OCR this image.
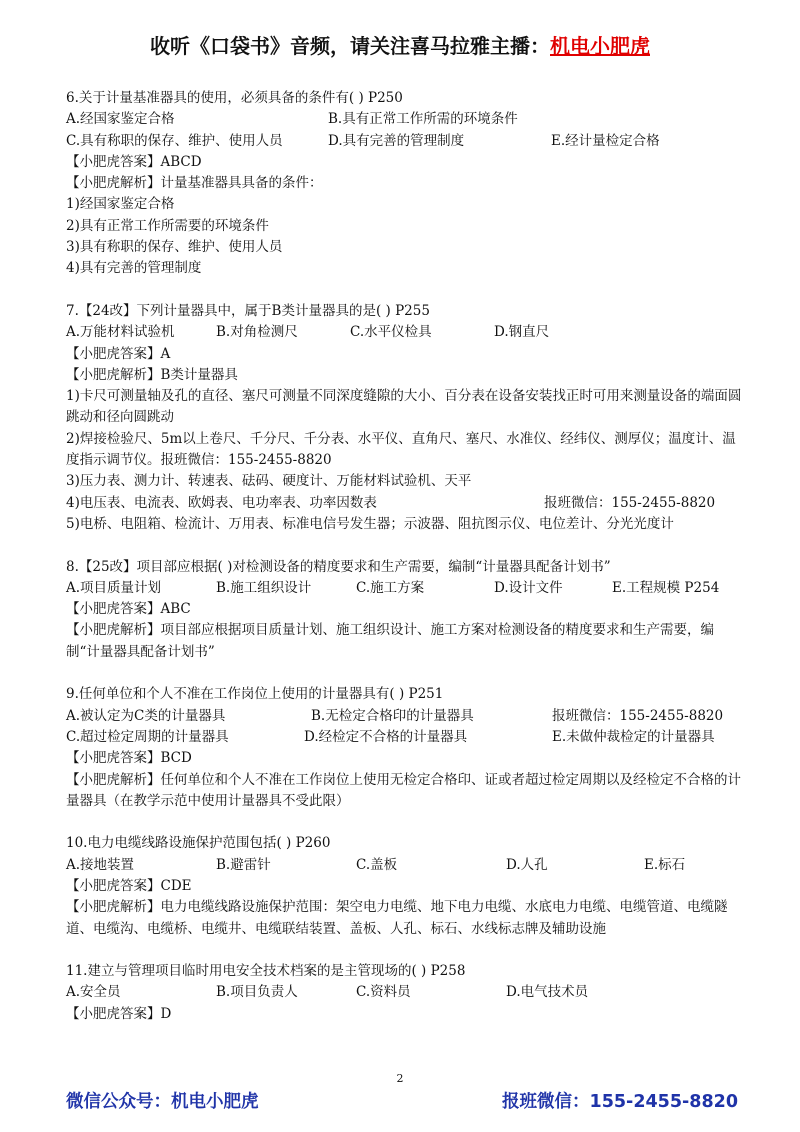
收听《口袋书》音频，请关注喜马拉雅主播：机电小肥虎
6.关于计量基准器具的使用，必须具备的条件有( ) P250
A.经国家鉴定合格	B.具有正常工作所需的环境条件
C.具有称职的保存、维护、使用人员	D.具有完善的管理制度	E.经计量检定合格
【小肥虎答案】ABCD
【小肥虎解析】计量基准器具具备的条件：
1)经国家鉴定合格
2)具有正常工作所需要的环境条件
3)具有称职的保存、维护、使用人员
4)具有完善的管理制度
7.【24改】下列计量器具中，属于B类计量器具的是( ) P255
A.万能材料试验机	B.对角检测尺	C.水平仪检具	D.钢直尺
【小肥虎答案】A
【小肥虎解析】B类计量器具
1)卡尺可测量轴及孔的直径、塞尺可测量不同深度缝隙的大小、百分表在设备安装找正时可用来测量设备的端面圆跳动和径向圆跳动
2)焊接检验尺、5m以上卷尺、千分尺、千分表、水平仪、直角尺、塞尺、水准仪、经纬仪、测厚仪；温度计、温度指示调节仪。报班微信：155-2455-8820
3)压力表、测力计、转速表、砝码、硬度计、万能材料试验机、天平
4)电压表、电流表、欧姆表、电功率表、功率因数表	报班微信：155-2455-8820
5)电桥、电阻箱、检流计、万用表、标准电信号发生器；示波器、阻抗图示仪、电位差计、分光光度计
8.【25改】项目部应根据( )对检测设备的精度要求和生产需要，编制“计量器具配备计划书”
A.项目质量计划	B.施工组织设计	C.施工方案	D.设计文件	E.工程规模 P254
【小肥虎答案】ABC
【小肥虎解析】项目部应根据项目质量计划、施工组织设计、施工方案对检测设备的精度要求和生产需要，编制“计量器具配备计划书”
9.任何单位和个人不准在工作岗位上使用的计量器具有( ) P251
A.被认定为C类的计量器具	B.无检定合格印的计量器具	报班微信：155-2455-8820
C.超过检定周期的计量器具	D.经检定不合格的计量器具	E.未做仲裁检定的计量器具
【小肥虎答案】BCD
【小肥虎解析】任何单位和个人不准在工作岗位上使用无检定合格印、证或者超过检定周期以及经检定不合格的计量器具（在教学示范中使用计量器具不受此限）
10.电力电缆线路设施保护范围包括( ) P260
A.接地装置	B.避雷针	C.盖板	D.人孔	E.标石
【小肥虎答案】CDE
【小肥虎解析】电力电缆线路设施保护范围：架空电力电缆、地下电力电缆、水底电力电缆、电缆管道、电缆隧道、电缆沟、电缆桥、电缆井、电缆联结装置、盖板、人孔、标石、水线标志牌及辅助设施
11.建立与管理项目临时用电安全技术档案的是主管现场的( ) P258
A.安全员	B.项目负责人	C.资料员	D.电气技术员
【小肥虎答案】D
2
微信公众号：机电小肥虎	报班微信：155-2455-8820
